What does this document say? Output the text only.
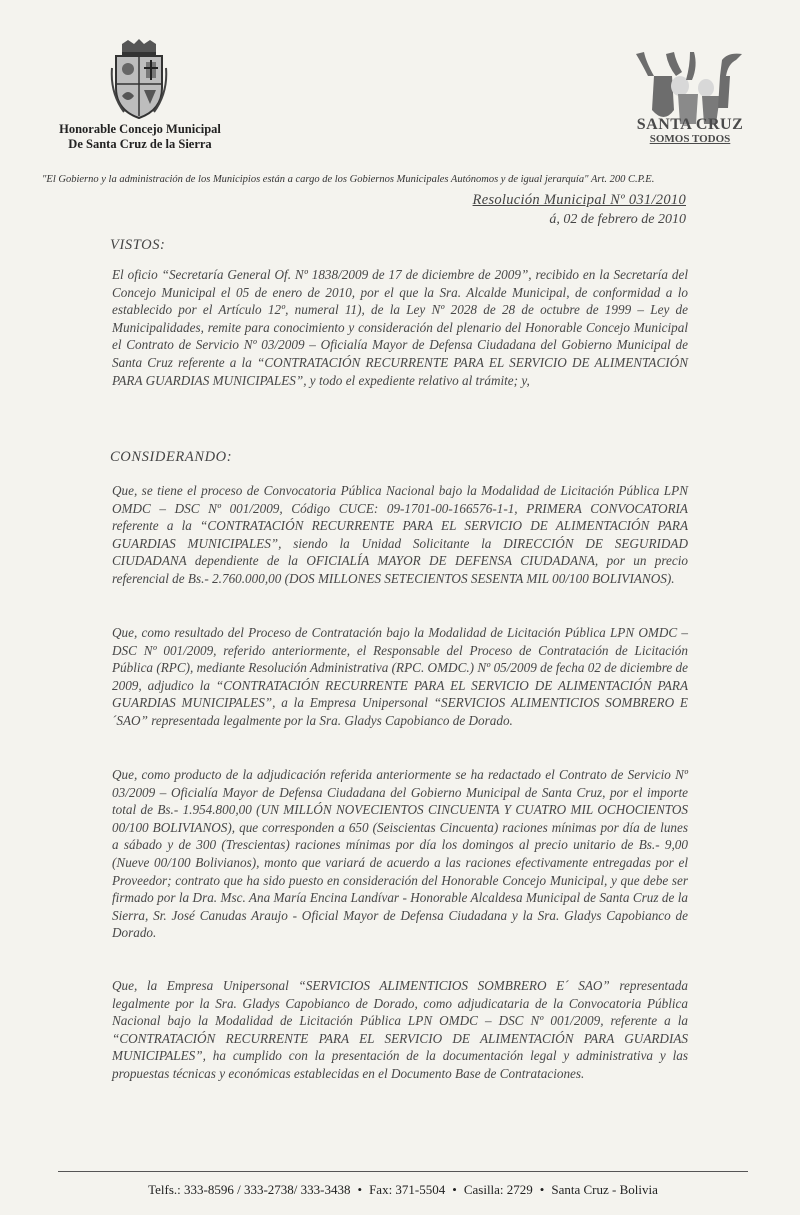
Honorable Concejo Municipal
De Santa Cruz de la Sierra
SANTA CRUZ
SOMOS TODOS
"El Gobierno y la administración de los Municipios están a cargo de los Gobiernos Municipales Autónomos y de igual jerarquía" Art. 200 C.P.E.
Resolución Municipal Nº 031/2010
á, 02 de febrero de 2010
VISTOS:

El oficio “Secretaría General Of. Nº 1838/2009 de 17 de diciembre de 2009”, recibido en la Secretaría del Concejo Municipal el 05 de enero de 2010, por el que la Sra. Alcalde Municipal, de conformidad a lo establecido por el Artículo 12º, numeral 11), de la Ley Nº 2028 de 28 de octubre de 1999 – Ley de Municipalidades, remite para conocimiento y consideración del plenario del Honorable Concejo Municipal el Contrato de Servicio Nº 03/2009 – Oficialía Mayor de Defensa Ciudadana del Gobierno Municipal de Santa Cruz referente a la “CONTRATACIÓN RECURRENTE PARA EL SERVICIO DE ALIMENTACIÓN PARA GUARDIAS MUNICIPALES”, y todo el expediente relativo al trámite; y,

CONSIDERANDO:

Que, se tiene el proceso de Convocatoria Pública Nacional bajo la Modalidad de Licitación Pública LPN OMDC – DSC Nº 001/2009, Código CUCE: 09-1701-00-166576-1-1, PRIMERA CONVOCATORIA referente a la “CONTRATACIÓN RECURRENTE PARA EL SERVICIO DE ALIMENTACIÓN PARA GUARDIAS MUNICIPALES”, siendo la Unidad Solicitante la DIRECCIÓN DE SEGURIDAD CIUDADANA dependiente de la OFICIALÍA MAYOR DE DEFENSA CIUDADANA, por un precio referencial de Bs.- 2.760.000,00 (DOS MILLONES SETECIENTOS SESENTA MIL 00/100 BOLIVIANOS).

Que, como resultado del Proceso de Contratación bajo la Modalidad de Licitación Pública LPN OMDC – DSC Nº 001/2009, referido anteriormente, el Responsable del Proceso de Contratación de Licitación Pública (RPC), mediante Resolución Administrativa (RPC. OMDC.) Nº 05/2009 de fecha 02 de diciembre de 2009, adjudico la “CONTRATACIÓN RECURRENTE PARA EL SERVICIO DE ALIMENTACIÓN PARA GUARDIAS MUNICIPALES”, a la Empresa Unipersonal “SERVICIOS ALIMENTICIOS SOMBRERO E´SAO” representada legalmente por la Sra. Gladys Capobianco de Dorado.

Que, como producto de la adjudicación referida anteriormente se ha redactado el Contrato de Servicio Nº 03/2009 – Oficialía Mayor de Defensa Ciudadana del Gobierno Municipal de Santa Cruz, por el importe total de Bs.- 1.954.800,00 (UN MILLÓN NOVECIENTOS CINCUENTA Y CUATRO MIL OCHOCIENTOS 00/100 BOLIVIANOS), que corresponden a 650 (Seiscientas Cincuenta) raciones mínimas por día de lunes a sábado y de 300 (Trescientas) raciones mínimas por día los domingos al precio unitario de Bs.- 9,00 (Nueve 00/100 Bolivianos), monto que variará de acuerdo a las raciones efectivamente entregadas por el Proveedor; contrato que ha sido puesto en consideración del Honorable Concejo Municipal, y que debe ser firmado por la Dra. Msc. Ana María Encina Landívar - Honorable Alcaldesa Municipal de Santa Cruz de la Sierra, Sr. José Canudas Araujo - Oficial Mayor de Defensa Ciudadana y la Sra. Gladys Capobianco de Dorado.

Que, la Empresa Unipersonal “SERVICIOS ALIMENTICIOS SOMBRERO E´ SAO” representada legalmente por la Sra. Gladys Capobianco de Dorado, como adjudicataria de la Convocatoria Pública Nacional bajo la Modalidad de Licitación Pública LPN OMDC – DSC Nº 001/2009, referente a la “CONTRATACIÓN RECURRENTE PARA EL SERVICIO DE ALIMENTACIÓN PARA GUARDIAS MUNICIPALES”, ha cumplido con la presentación de la documentación legal y administrativa y las propuestas técnicas y económicas establecidas en el Documento Base de Contrataciones.

Telfs.: 333-8596 / 333-2738/ 333-3438 • Fax: 371-5504 • Casilla: 2729 • Santa Cruz - Bolivia
